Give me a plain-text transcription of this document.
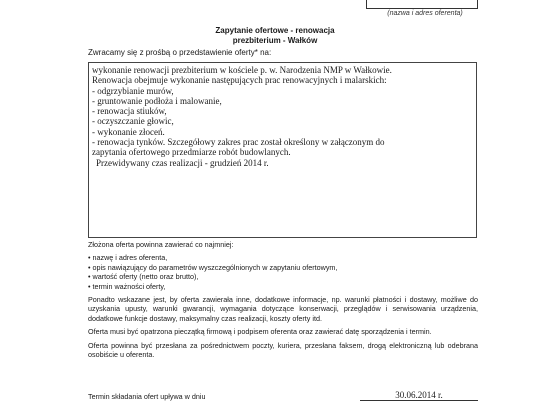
(nazwa i adres oferenta)
Zapytanie ofertowe - renowacja
prezbiterium - Wałków
Zwracamy się z prośbą o przedstawienie oferty* na:
wykonanie renowacji prezbiterium w kościele p. w. Narodzenia NMP w Wałkowie.
Renowacja obejmuje wykonanie następujących prac renowacyjnych i malarskich:
- odgrzybianie murów,
- gruntowanie podłoża i malowanie,
- renowacja stiuków,
- oczyszczanie głowic,
- wykonanie złoceń.
- renowacja tynków. Szczegółowy zakres prac został określony w załączonym do
zapytania ofertowego przedmiarze robót budowlanych.
Przewidywany czas realizacji - grudzień 2014 r.

Złożona oferta powinna zawierać co najmniej:

• nazwę i adres oferenta,

• opis nawiązujący do parametrów wyszczególnionych w zapytaniu ofertowym,

• wartość oferty (netto oraz brutto),

• termin ważności oferty,

Ponadto wskazane jest, by oferta zawierała inne, dodatkowe informacje, np. warunki płatności i dostawy, możliwe do uzyskania upusty, warunki gwarancji, wymagania dotyczące konserwacji, przeglądów i serwisowania urządzenia, dodatkowe funkcje dostawy, maksymalny czas realizacji, koszty oferty itd.

Oferta musi być opatrzona pieczątką firmową i podpisem oferenta oraz zawierać datę sporządzenia i termin.

Oferta powinna być przesłana za pośrednictwem poczty, kuriera, przesłana faksem, drogą elektroniczną lub odebrana osobiście u oferenta.

Termin składania ofert upływa w dniu	30.06.2014 r.
